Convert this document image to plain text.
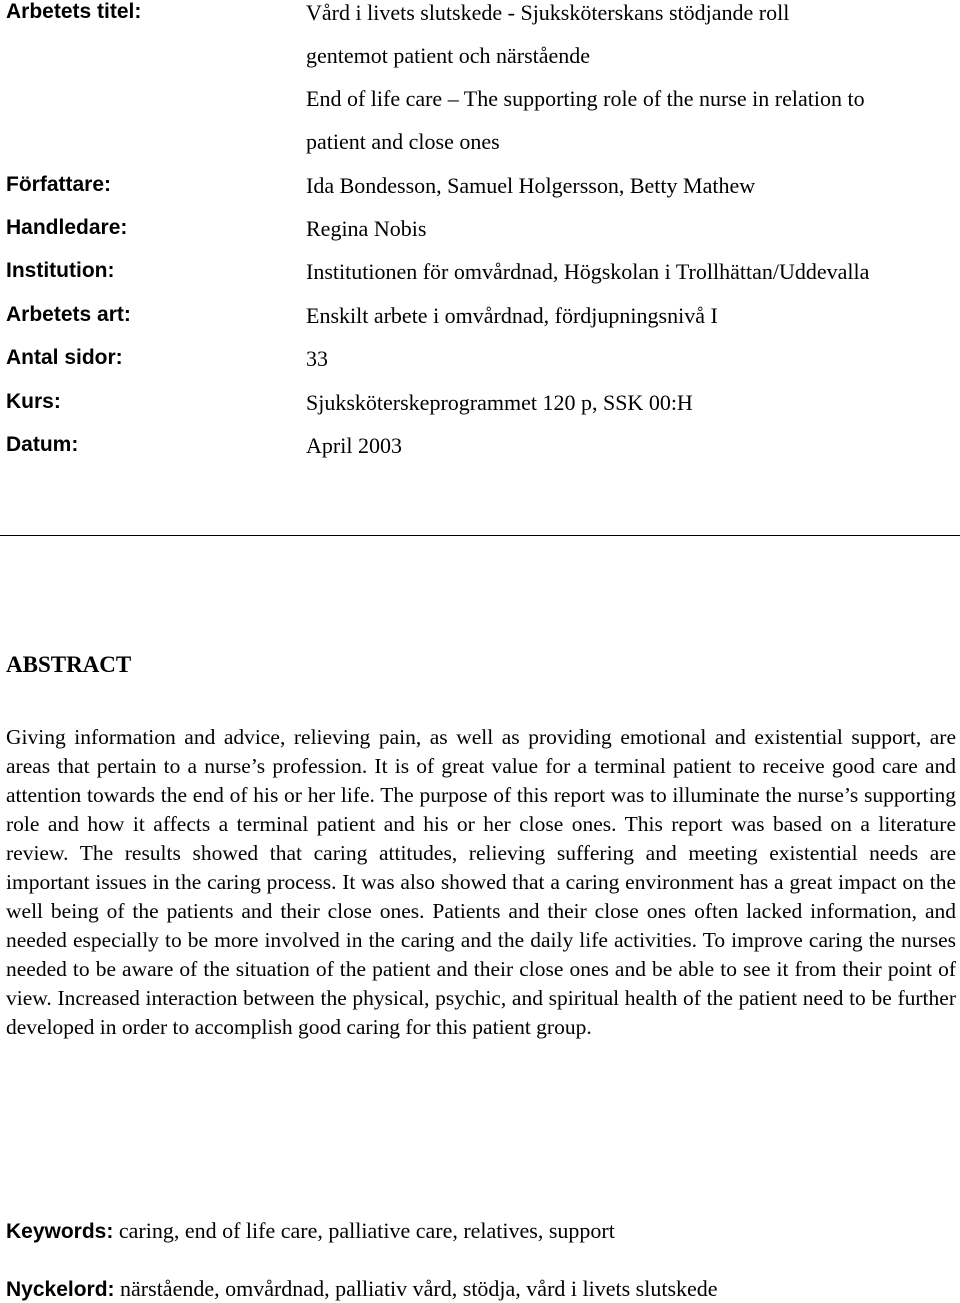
Arbetets titel:	Vård i livets slutskede - Sjuksköterskans stödjande roll
gentemot patient och närstående
End of life care – The supporting role of the nurse in relation to
patient and close ones
Författare:	Ida Bondesson, Samuel Holgersson, Betty Mathew
Handledare:	Regina Nobis
Institution:	Institutionen för omvårdnad, Högskolan i Trollhättan/Uddevalla
Arbetets art:	Enskilt arbete i omvårdnad, fördjupningsnivå I
Antal sidor:	33
Kurs:	Sjuksköterskeprogrammet 120 p, SSK 00:H
Datum:	April 2003
ABSTRACT

Giving information and advice, relieving pain, as well as providing emotional and existential support, are areas that pertain to a nurse’s profession. It is of great value for a terminal patient to receive good care and attention towards the end of his or her life. The purpose of this report was to illuminate the nurse’s supporting role and how it affects a terminal patient and his or her close ones. This report was based on a literature review. The results showed that caring attitudes, relieving suffering and meeting existential needs are important issues in the caring process. It was also showed that a caring environment has a great impact on the well being of the patients and their close ones. Patients and their close ones often lacked information, and needed especially to be more involved in the caring and the daily life activities. To improve caring the nurses needed to be aware of the situation of the patient and their close ones and be able to see it from their point of view. Increased interaction between the physical, psychic, and spiritual health of the patient need to be further developed in order to accomplish good caring for this patient group.

Keywords: caring, end of life care, palliative care, relatives, support
Nyckelord: närstående, omvårdnad, palliativ vård, stödja, vård i livets slutskede
